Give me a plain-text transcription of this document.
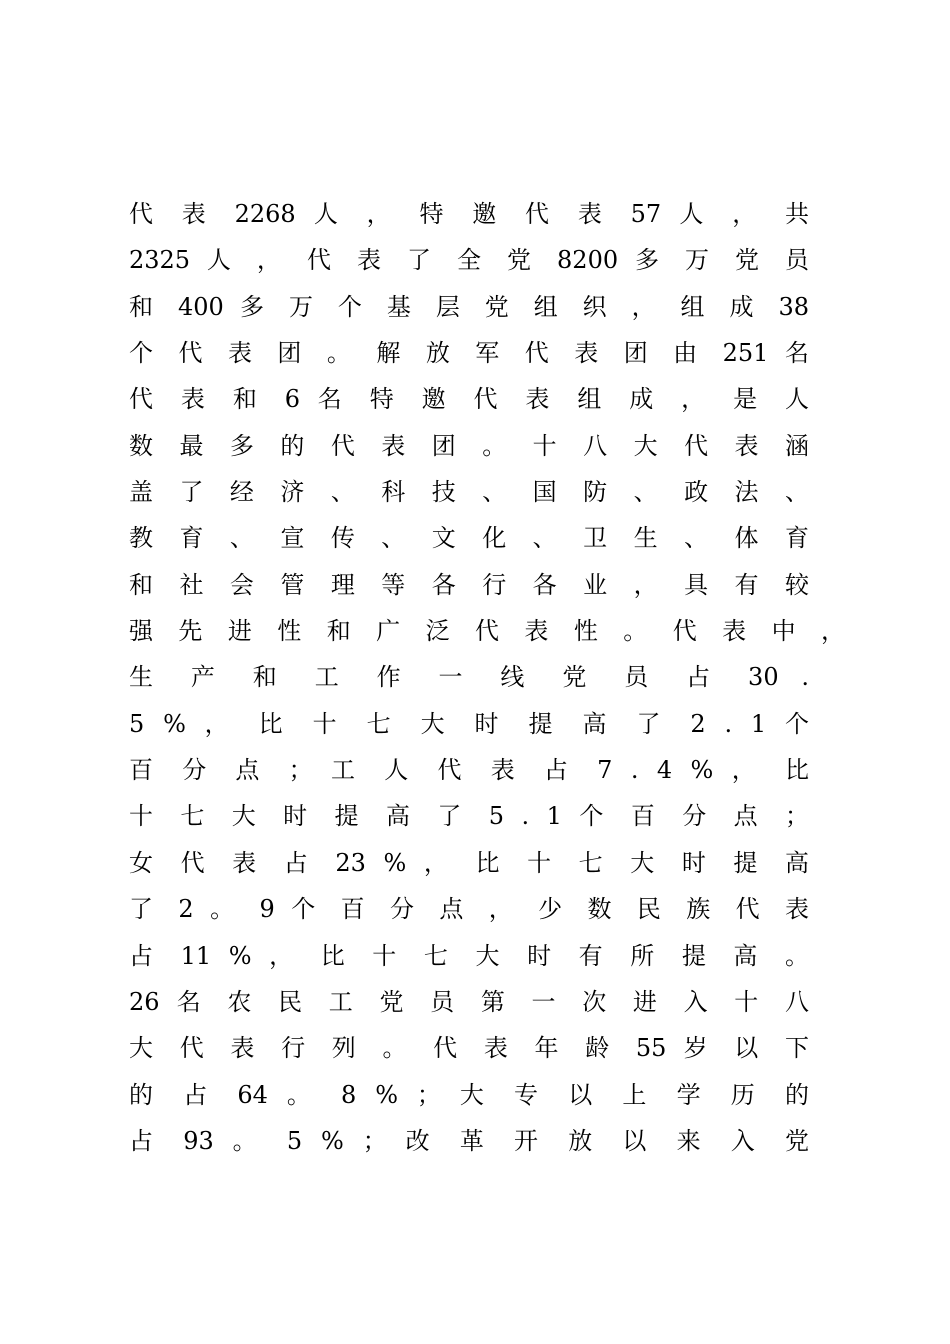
代 表 2268 人 ， 特 邀 代 表 57 人 ， 共
2325 人 ， 代 表 了 全 党 8200 多 万 党 员
和 400 多 万 个 基 层 党 组 织 ， 组 成 38
个 代 表 团 。 解 放 军 代 表 团 由 251 名
代 表 和 6 名 特 邀 代 表 组 成 ， 是 人
数 最 多 的 代 表 团 。 十 八 大 代 表 涵
盖 了 经 济 、 科 技 、 国 防 、 政 法 、
教 育 、 宣 传 、 文 化 、 卫 生 、 体 育
和 社 会 管 理 等 各 行 各 业 ， 具 有 较
强 先 进 性 和 广 泛 代 表 性 。 代 表 中 ，
生 产 和 工 作 一 线 党 员 占 30 .
5 % ， 比 十 七 大 时 提 高 了 2 . 1 个
百 分 点 ； 工 人 代 表 占 7 . 4 % ， 比
十 七 大 时 提 高 了 5 . 1 个 百 分 点 ；
女 代 表 占 23 % ， 比 十 七 大 时 提 高
了 2 。 9 个 百 分 点 ， 少 数 民 族 代 表
占 11 % ， 比 十 七 大 时 有 所 提 高 。
26 名 农 民 工 党 员 第 一 次 进 入 十 八
大 代 表 行 列 。 代 表 年 龄 55 岁 以 下
的 占 64 。 8 % ； 大 专 以 上 学 历 的
占 93 。 5 % ； 改 革 开 放 以 来 入 党
